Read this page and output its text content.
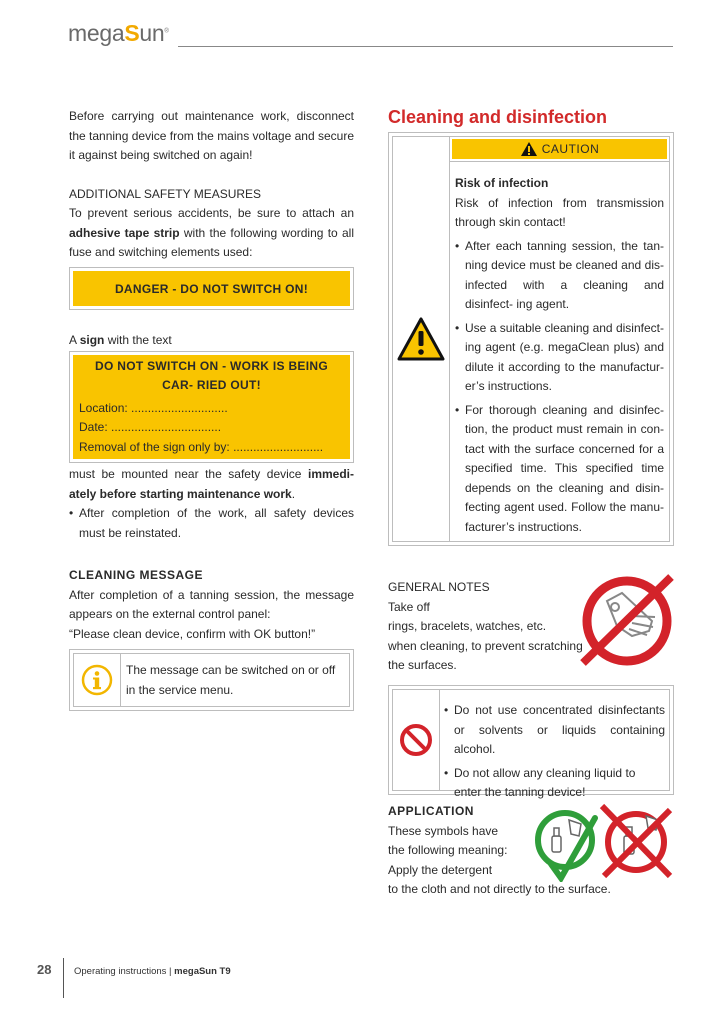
megaSun®

Before carrying out maintenance work, disconnect the tanning device from the mains voltage and secure it against being switched on again!

ADDITIONAL SAFETY MEASURES

To prevent serious accidents, be sure to attach an adhesive tape strip with the following wording to all fuse and switching elements used:

DANGER - DO NOT SWITCH ON!

A sign with the text

DO NOT SWITCH ON - WORK IS BEING CAR- RIED OUT!
Location: .............................
Date: .................................
Removal of the sign only by: ...........................

must be mounted near the safety device immedi- ately before starting maintenance work.

• After completion of the work, all safety devices must be reinstated.

CLEANING MESSAGE

After completion of a tanning session, the message appears on the external control panel:

“Please clean device, confirm with OK button!”

The message can be switched on or off in the service menu.
Cleaning and disinfection
CAUTION

Risk of infection

Risk of infection from transmission through skin contact!

• After each tanning session, the tan- ning device must be cleaned and dis- infected with a cleaning and disinfect- ing agent.
• Use a suitable cleaning and disinfect- ing agent (e.g. megaClean plus) and dilute it according to the manufactur- er’s instructions.
• For thorough cleaning and disinfec- tion, the product must remain in con- tact with the surface concerned for a specified time. This specified time depends on the cleaning and disin- fecting agent used. Follow the manu- facturer’s instructions.

GENERAL NOTES

Take off

rings, bracelets, watches, etc.

when cleaning, to prevent scratching

the surfaces.

• Do not use concentrated disinfectants or solvents or liquids containing alcohol.
• Do not allow any cleaning liquid to enter the tanning device!

APPLICATION

These symbols have

the following meaning:

Apply the detergent

to the cloth and not directly to the surface.

28 Operating instructions | megaSun T9
